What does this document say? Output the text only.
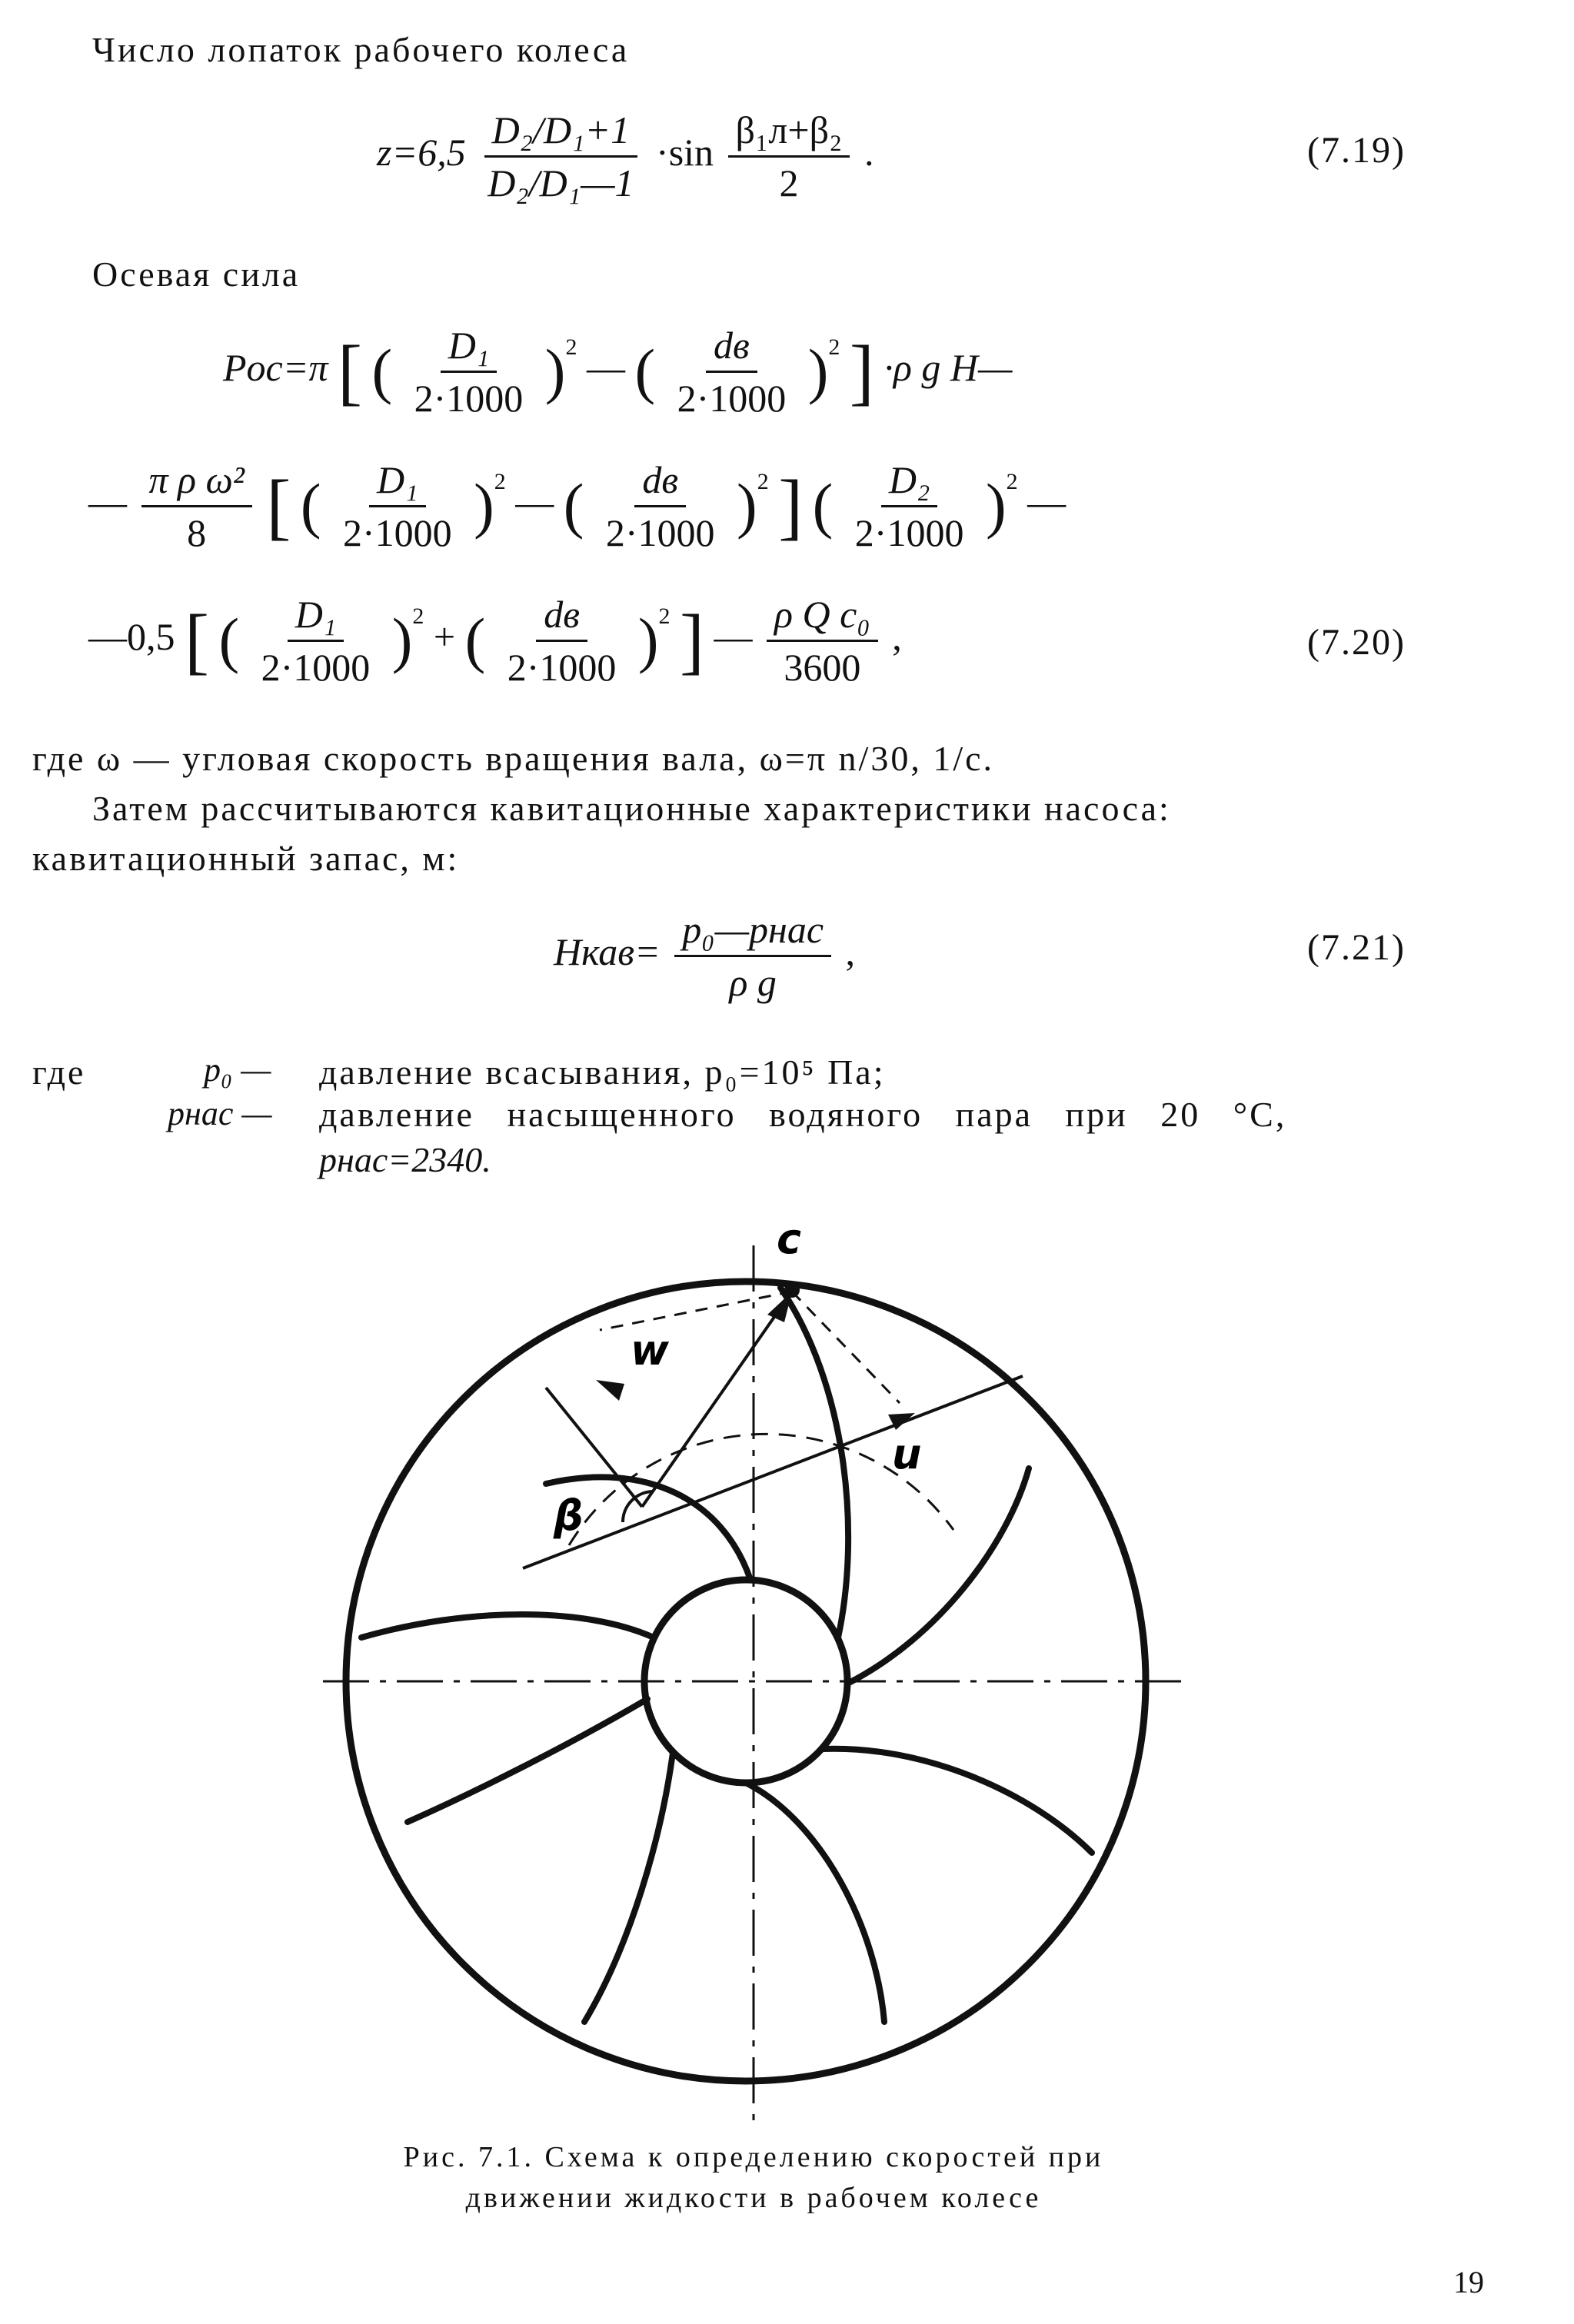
Число лопаток рабочего колеса
$z=6,5 \frac{\text{D₂/D₁+1}}{\text{D₂/D₁—1}} \cdot\sin \frac{\text{β₁л+β₂}}{2}$ .	(7.19)
Осевая сила
Pос=π [ ( $\frac{\text{D₁}}{2\cdot 1000} )^2$ — ( $\frac{dв}{2\cdot 1000} )^2$ ] ·ρ g H—
— $\frac{\text{π ρ ω²}}{8}$ [ ( $\frac{\text{D₁}}{2\cdot 1000} )^2$ — ( $\frac{dв}{2\cdot 1000} )^2$ ] ( $\frac{\text{D₂}}{2\cdot 1000} )^2$ —
—0,5 [ ( $\frac{\text{D₁}}{2\cdot 1000} )^2$ + ( $\frac{dв}{2\cdot 1000} )^2$ ] — $\frac{\text{ρ Q c₀}}{3600}$ ,	(7.20)
где ω — угловая скорость вращения вала, ω=π n/30, 1/с.
Затем рассчитываются кавитационные характеристики насоса:
кавитационный запас, м:
Hкав= $\frac{\text{p₀—pнас}}{\text{ρ g}}$ ,	(7.21)
где	p₀ — давление всасывания, p₀=10⁵ Па;
pнас — давление насыщенного водяного пара при 20 °С,
pнас=2340.
c
w
u
β
Рис. 7.1. Схема к определению скоростей при
движении жидкости в рабочем колесе
19
